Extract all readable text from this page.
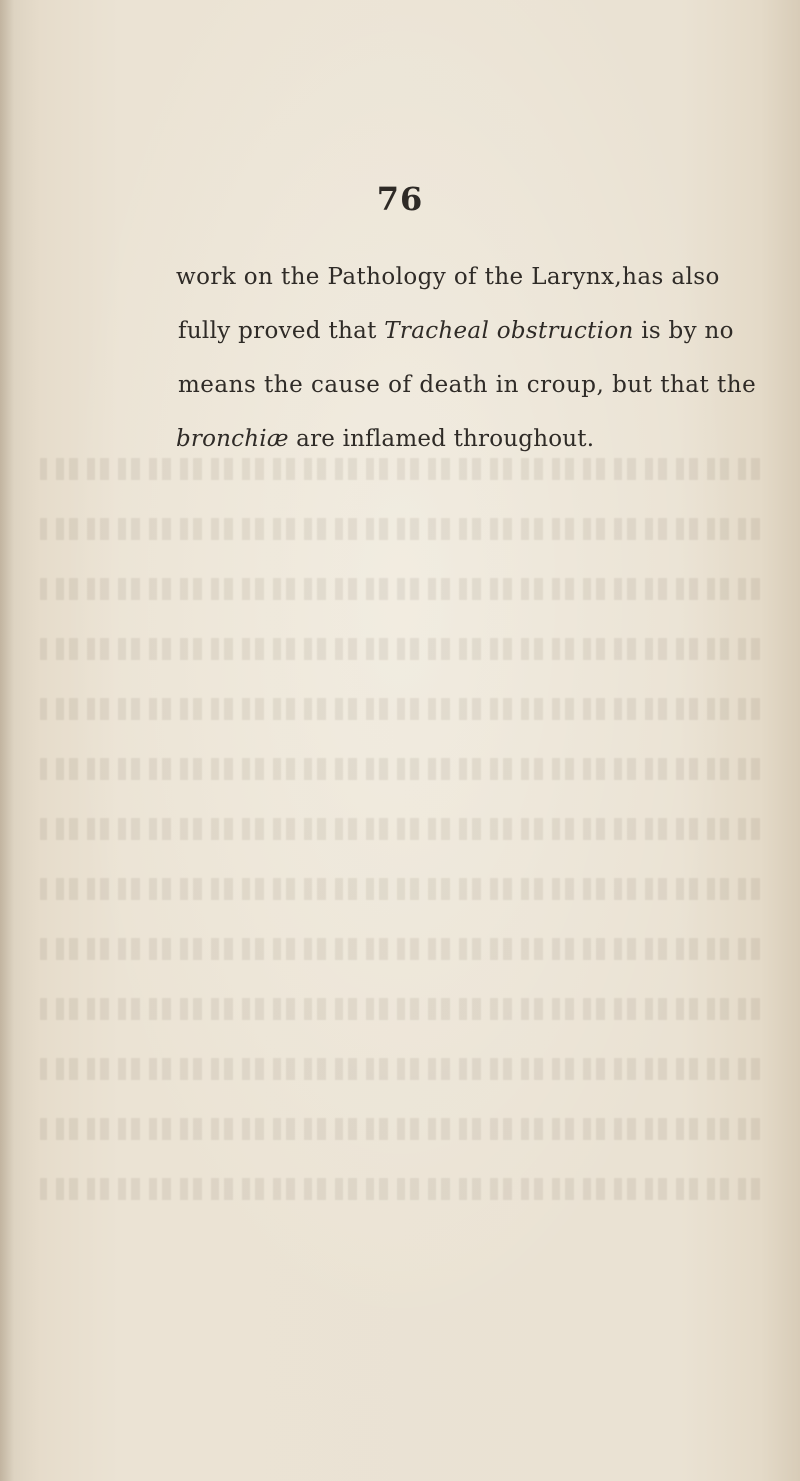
76
work on the Pathology of the Larynx,has also
fully proved that Tracheal obstruction is by no
means the cause of death in croup, but that the
bronchiæ are inflamed throughout.
